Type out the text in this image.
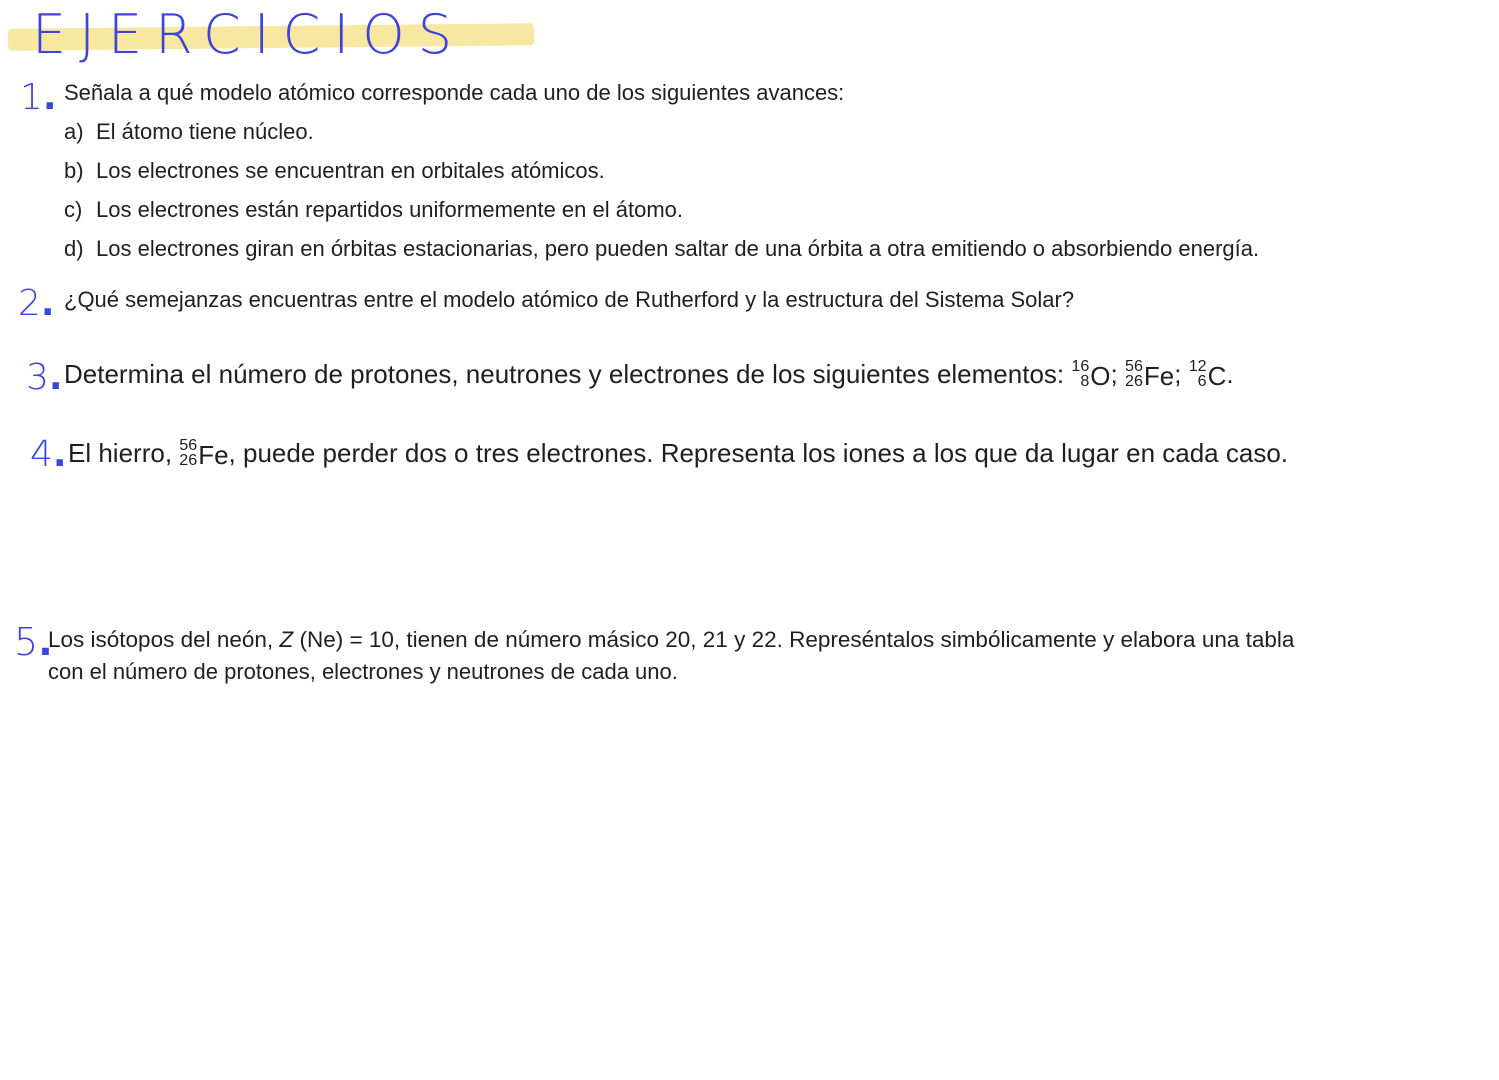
EJERCICIOS
1. Señala a qué modelo atómico corresponde cada uno de los siguientes avances:
a) El átomo tiene núcleo.
b) Los electrones se encuentran en orbitales atómicos.
c) Los electrones están repartidos uniformemente en el átomo.
d) Los electrones giran en órbitas estacionarias, pero pueden saltar de una órbita a otra emitiendo o absorbiendo energía.
2. ¿Qué semejanzas encuentras entre el modelo atómico de Rutherford y la estructura del Sistema Solar?
3. Determina el número de protones, neutrones y electrones de los siguientes elementos: 16
8 O ; 56
26 Fe ; 12
6 C .
4. El hierro, 56
26 Fe , puede perder dos o tres electrones. Representa los iones a los que da lugar en cada caso.
5.
Los isótopos del neón, Z (Ne) = 10, tienen de número másico 20, 21 y 22. Represéntalos simbólicamente y elabora una tabla
con el número de protones, electrones y neutrones de cada uno.
